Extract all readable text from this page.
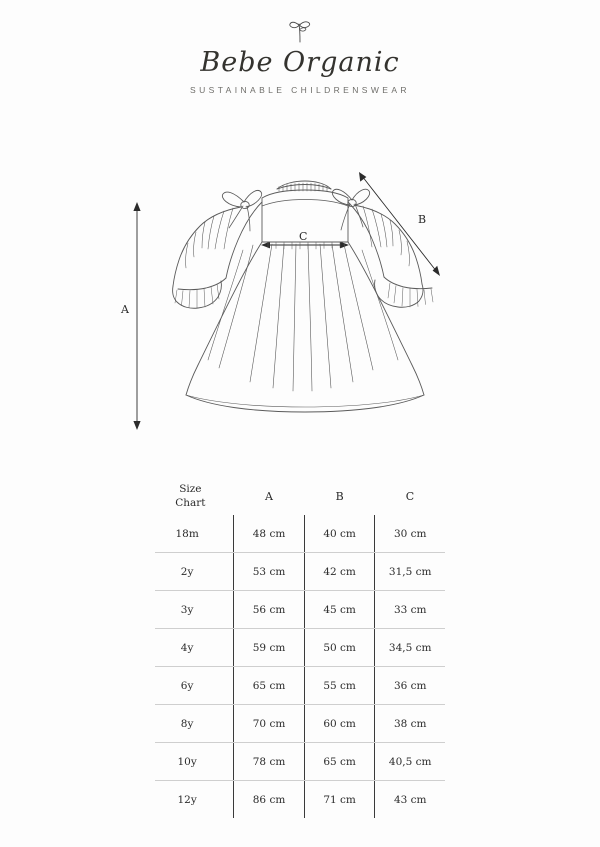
Bebe Organic
SUSTAINABLE CHILDRENSWEAR
A
B
C
Size
Chart	A	B	C
18m	48 cm	40 cm	30 cm
2y	53 cm	42 cm	31,5 cm
3y	56 cm	45 cm	33 cm
4y	59 cm	50 cm	34,5 cm
6y	65 cm	55 cm	36 cm
8y	70 cm	60 cm	38 cm
10y	78 cm	65 cm	40,5 cm
12y	86 cm	71 cm	43 cm
